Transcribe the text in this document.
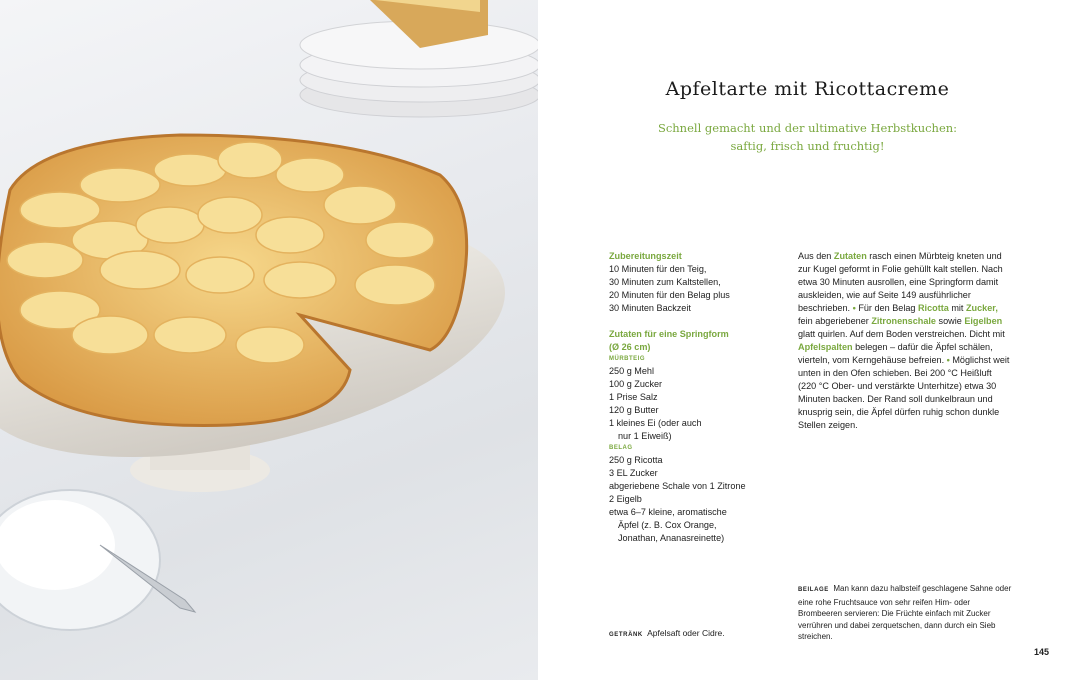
Apfeltarte mit Ricottacreme
Schnell gemacht und der ultimative Herbstkuchen:
saftig, frisch und fruchtig!
Zubereitungszeit
10 Minuten für den Teig,
30 Minuten zum Kaltstellen,
20 Minuten für den Belag plus
30 Minuten Backzeit
Zutaten für eine Springform
(Ø 26 cm)
MÜRBTEIG
250 g Mehl
100 g Zucker
1 Prise Salz
120 g Butter
1 kleines Ei (oder auch
nur 1 Eiweiß)
BELAG
250 g Ricotta
3 EL Zucker
abgeriebene Schale von 1 Zitrone
2 Eigelb
etwa 6–7 kleine, aromatische
Äpfel (z. B. Cox Orange,
Jonathan, Ananasreinette)
Aus den Zutaten rasch einen Mürbteig kneten und zur Kugel geformt in Folie gehüllt kalt stellen. Nach etwa 30 Minuten ausrollen, eine Springform damit auskleiden, wie auf Seite 149 ausführlicher beschrieben. • Für den Belag Ricotta mit Zucker, fein abgeriebener Zitronenschale sowie Eigelben glatt quirlen. Auf dem Boden verstreichen. Dicht mit Apfelspalten belegen – dafür die Äpfel schälen, vierteln, vom Kerngehäuse befreien. • Möglichst weit unten in den Ofen schieben. Bei 200 °C Heißluft (220 °C Ober- und verstärkte Unterhitze) etwa 30 Minuten backen. Der Rand soll dunkelbraun und knusprig sein, die Äpfel dürfen ruhig schon dunkle Stellen zeigen.
BEILAGE Man kann dazu halbsteif geschlagene Sahne oder eine rohe Fruchtsauce von sehr reifen Him- oder Brombeeren servieren: Die Früchte einfach mit Zucker verrühren und dabei zerquetschen, dann durch ein Sieb streichen.
GETRÄNK Apfelsaft oder Cidre.
145
